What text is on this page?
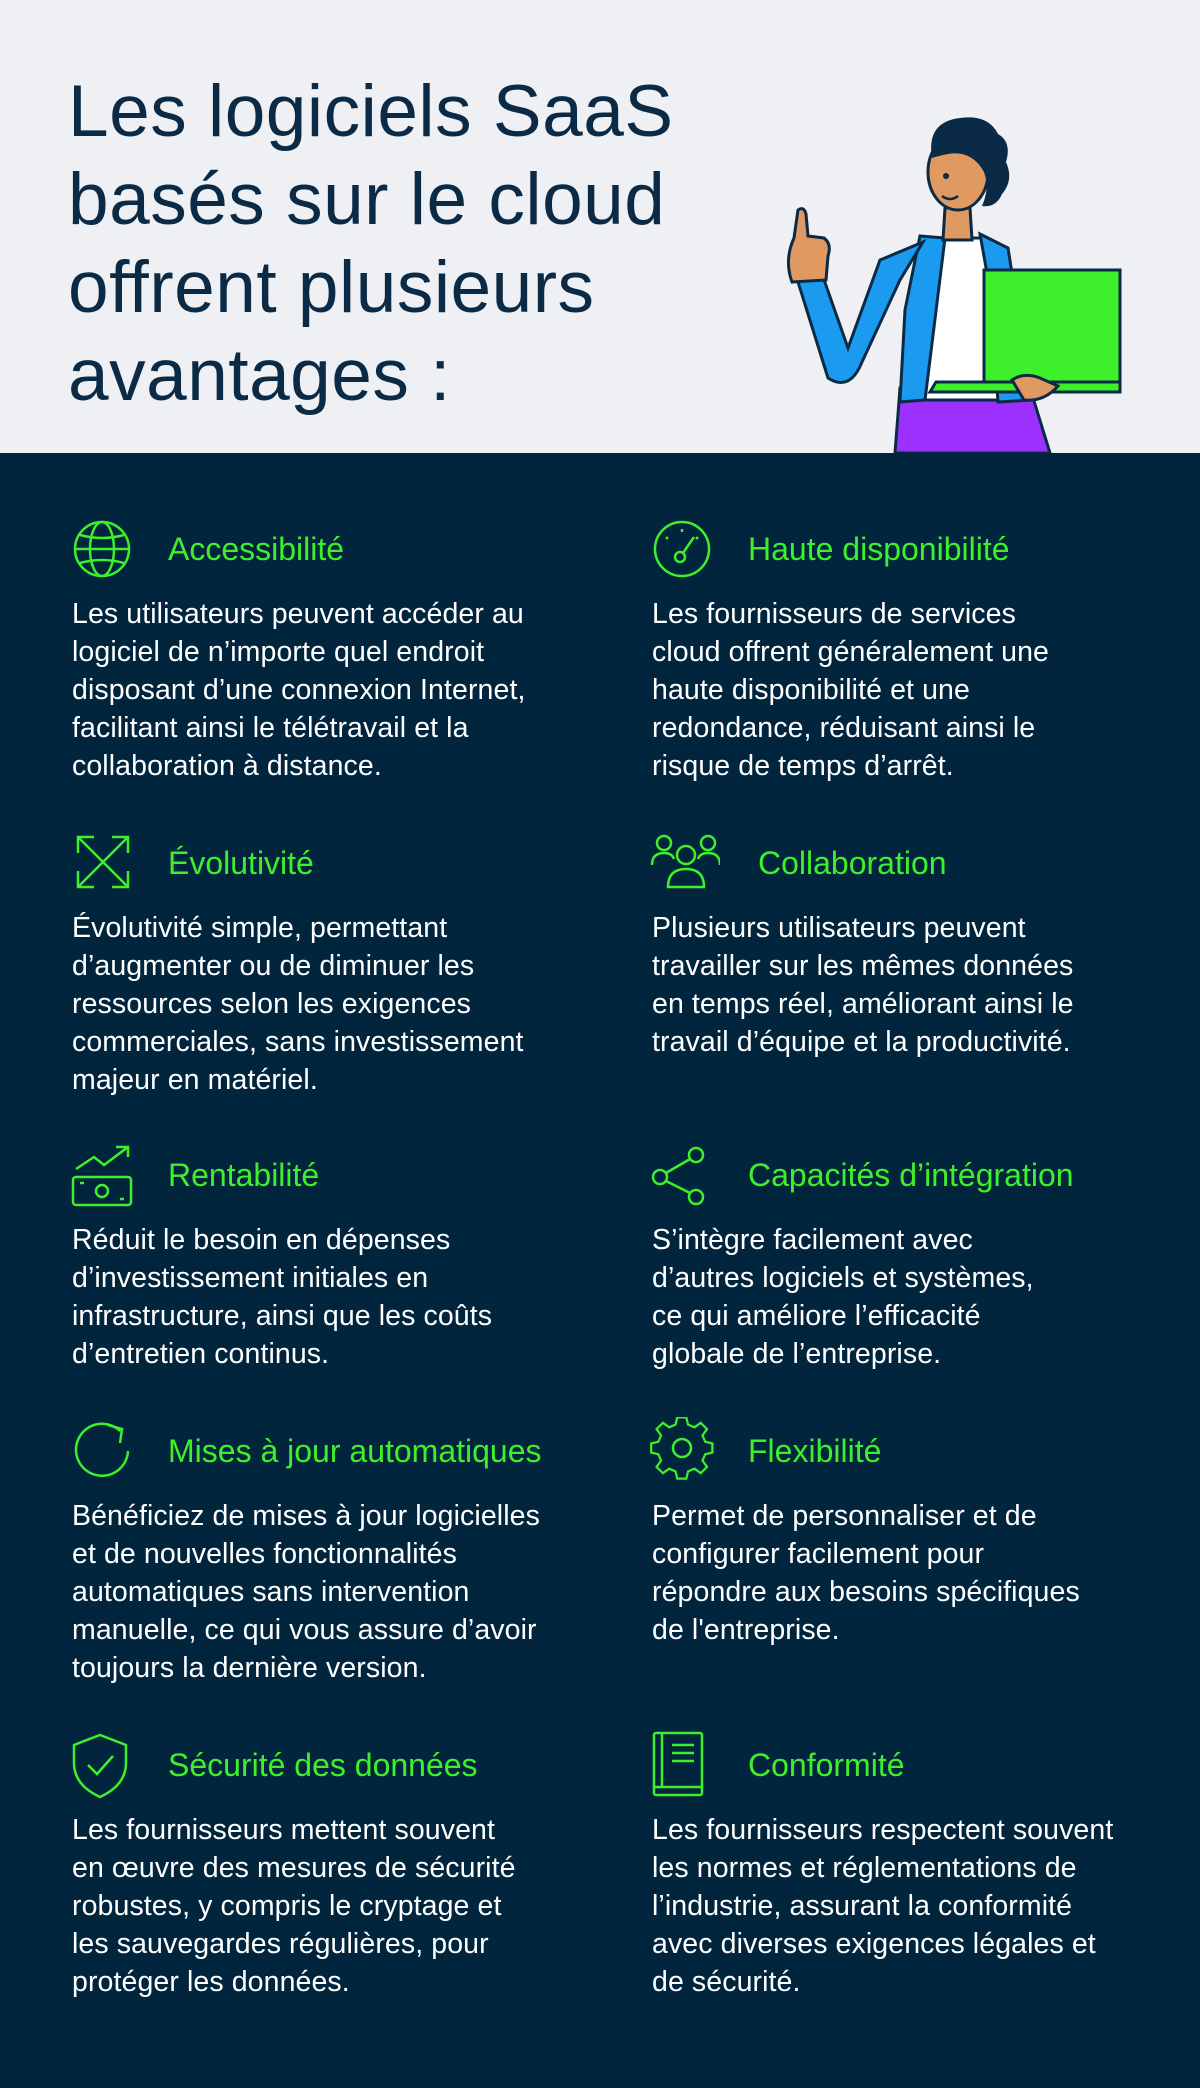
Les logiciels SaaS
basés sur le cloud
offrent plusieurs
avantages :
Accessibilité
Les utilisateurs peuvent accéder au
logiciel de n’importe quel endroit
disposant d’une connexion Internet,
facilitant ainsi le télétravail et la
collaboration à distance.
Haute disponibilité
Les fournisseurs de services
cloud offrent généralement une
haute disponibilité et une
redondance, réduisant ainsi le
risque de temps d’arrêt.
Évolutivité
Évolutivité simple, permettant
d’augmenter ou de diminuer les
ressources selon les exigences
commerciales, sans investissement
majeur en matériel.
Collaboration
Plusieurs utilisateurs peuvent
travailler sur les mêmes données
en temps réel, améliorant ainsi le
travail d’équipe et la productivité.
Rentabilité
Réduit le besoin en dépenses
d’investissement initiales en
infrastructure, ainsi que les coûts
d’entretien continus.
Capacités d’intégration
S’intègre facilement avec
d’autres logiciels et systèmes,
ce qui améliore l’efficacité
globale de l’entreprise.
Mises à jour automatiques
Bénéficiez de mises à jour logicielles
et de nouvelles fonctionnalités
automatiques sans intervention
manuelle, ce qui vous assure d’avoir
toujours la dernière version.
Flexibilité
Permet de personnaliser et de
configurer facilement pour
répondre aux besoins spécifiques
de l'entreprise.
Sécurité des données
Les fournisseurs mettent souvent
en œuvre des mesures de sécurité
robustes, y compris le cryptage et
les sauvegardes régulières, pour
protéger les données.
Conformité
Les fournisseurs respectent souvent
les normes et réglementations de
l’industrie, assurant la conformité
avec diverses exigences légales et
de sécurité.
